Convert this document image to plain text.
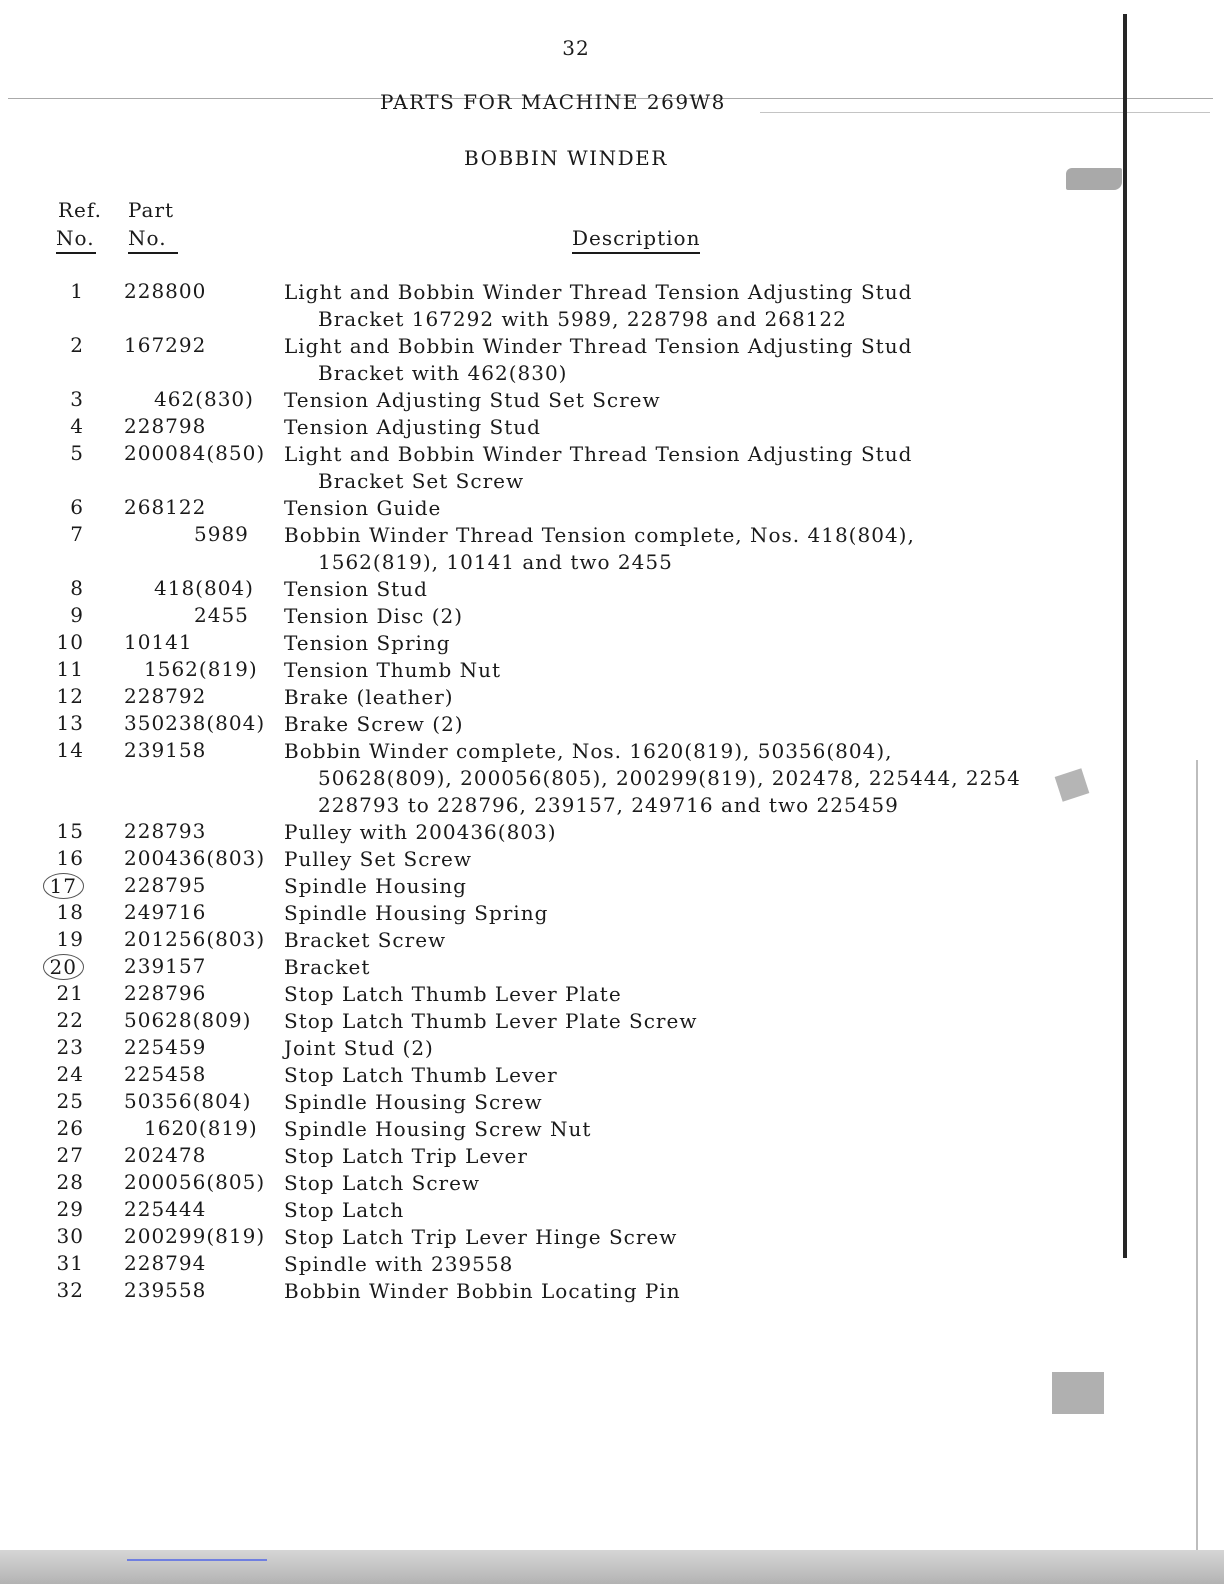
32
PARTS FOR MACHINE 269W8
BOBBIN WINDER
Ref.
No.
Part
No.	Description
1 228800	Light and Bobbin Winder Thread Tension Adjusting Stud
Bracket 167292 with 5989, 228798 and 268122
2 167292	Light and Bobbin Winder Thread Tension Adjusting Stud
Bracket with 462(830)
3	462(830) Tension Adjusting Stud Set Screw
4 228798	Tension Adjusting Stud
5 200084(850) Light and Bobbin Winder Thread Tension Adjusting Stud
Bracket Set Screw
6 268122	Tension Guide
7	5989 Bobbin Winder Thread Tension complete, Nos. 418(804),
1562(819), 10141 and two 2455
8	418(804) Tension Stud
9	2455 Tension Disc (2)
10 10141	Tension Spring
11	1562(819) Tension Thumb Nut
12 228792	Brake (leather)
13 350238(804) Brake Screw (2)
14 239158	Bobbin Winder complete, Nos. 1620(819), 50356(804),
50628(809), 200056(805), 200299(819), 202478, 225444, 2254
228793 to 228796, 239157, 249716 and two 225459
15 228793	Pulley with 200436(803)
16 200436(803) Pulley Set Screw
17	228795	Spindle Housing
18 249716	Spindle Housing Spring
19 201256(803) Bracket Screw
20	239157	Bracket
21 228796	Stop Latch Thumb Lever Plate
22 50628(809) Stop Latch Thumb Lever Plate Screw
23 225459	Joint Stud (2)
24 225458	Stop Latch Thumb Lever
25 50356(804) Spindle Housing Screw
26	1620(819) Spindle Housing Screw Nut
27 202478	Stop Latch Trip Lever
28 200056(805) Stop Latch Screw
29 225444	Stop Latch
30 200299(819) Stop Latch Trip Lever Hinge Screw
31 228794	Spindle with 239558
32 239558	Bobbin Winder Bobbin Locating Pin
